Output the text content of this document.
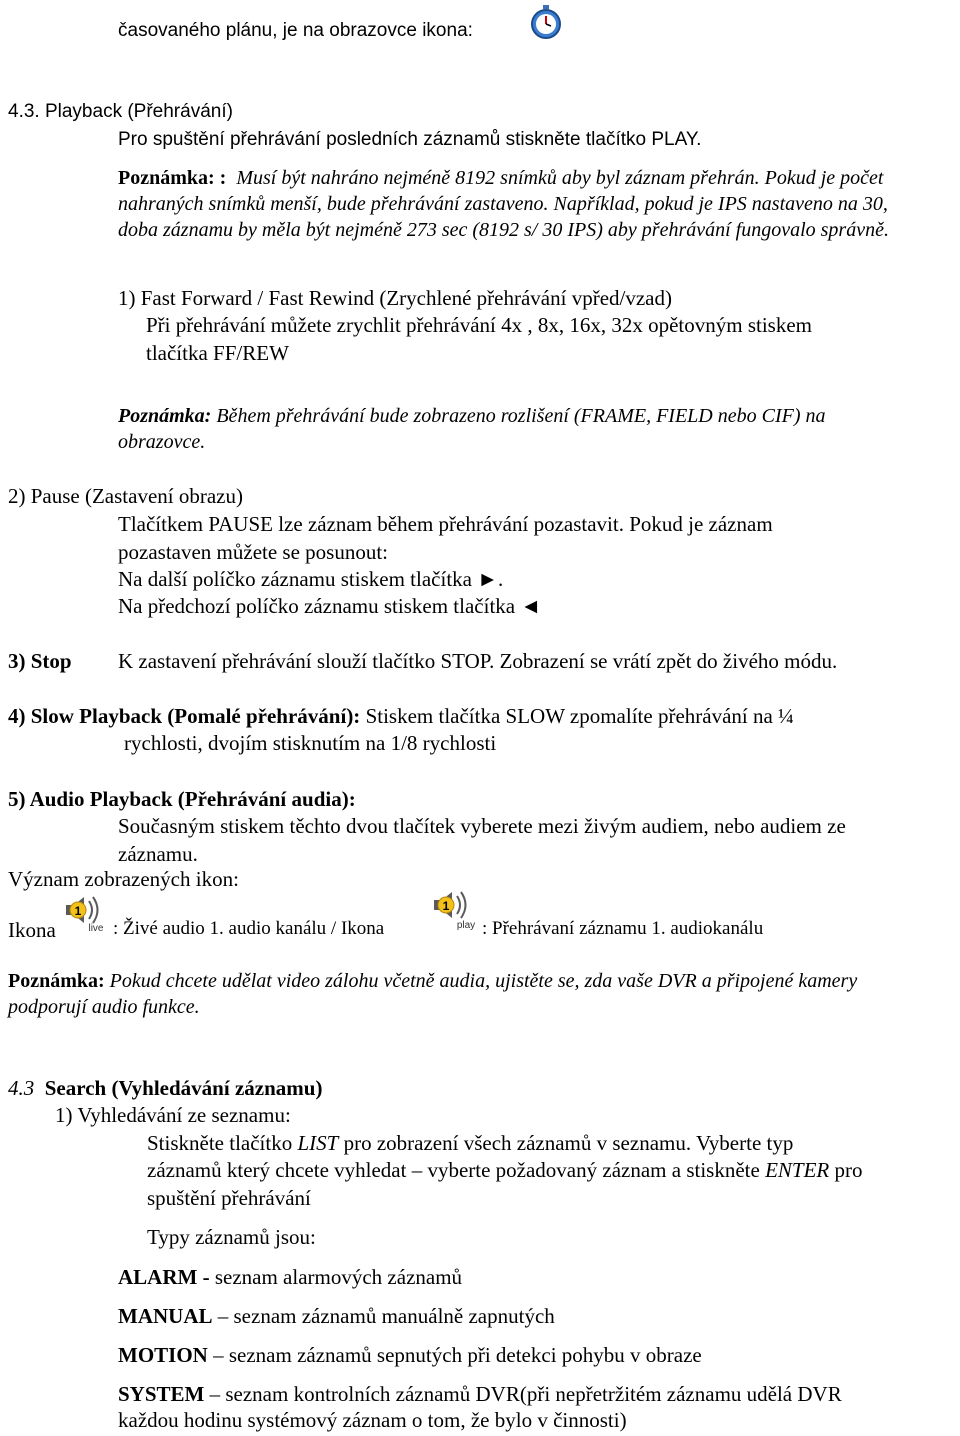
časovaného plánu, je na obrazovce ikona:
4.3. Playback (Přehrávání)
Pro spuštění přehrávání posledních záznamů stiskněte tlačítko PLAY.
Poznámka: : Musí být nahráno nejméně 8192 snímků aby byl záznam přehrán. Pokud je počet
nahraných snímků menší, bude přehrávání zastaveno. Například, pokud je IPS nastaveno na 30,
doba záznamu by měla být nejméně 273 sec (8192 s/ 30 IPS) aby přehrávání fungovalo správně.
1) Fast Forward / Fast Rewind (Zrychlené přehrávání vpřed/vzad)
Při přehrávání můžete zrychlit přehrávání 4x , 8x, 16x, 32x opětovným stiskem
tlačítka FF/REW
Poznámka: Během přehrávání bude zobrazeno rozlišení (FRAME, FIELD nebo CIF) na
obrazovce.
2) Pause (Zastavení obrazu)
Tlačítkem PAUSE lze záznam během přehrávání pozastavit. Pokud je záznam
pozastaven můžete se posunout:
Na další políčko záznamu stiskem tlačítka ►.
Na předchozí políčko záznamu stiskem tlačítka ◄
3) Stop K zastavení přehrávání slouží tlačítko STOP. Zobrazení se vrátí zpět do živého módu.
4) Slow Playback (Pomalé přehrávání): Stiskem tlačítka SLOW zpomalíte přehrávání na ¼
rychlosti, dvojím stisknutím na 1/8 rychlosti
5) Audio Playback (Přehrávání audia):
Současným stiskem těchto dvou tlačítek vyberete mezi živým audiem, nebo audiem ze
záznamu.
Význam zobrazených ikon:
Ikona
1
live : Živé audio 1. audio kanálu / Ikona
1
play : Přehrávaní záznamu 1. audiokanálu
Poznámka: Pokud chcete udělat video zálohu včetně audia, ujistěte se, zda vaše DVR a připojené kamery
podporují audio funkce.
4.3 Search (Vyhledávání záznamu)
1) Vyhledávání ze seznamu:
Stiskněte tlačítko LIST pro zobrazení všech záznamů v seznamu. Vyberte typ
záznamů který chcete vyhledat – vyberte požadovaný záznam a stiskněte ENTER pro
spuštění přehrávání
Typy záznamů jsou:
ALARM - seznam alarmových záznamů
MANUAL – seznam záznamů manuálně zapnutých
MOTION – seznam záznamů sepnutých při detekci pohybu v obraze
SYSTEM – seznam kontrolních záznamů DVR(při nepřetržitém záznamu udělá DVR
každou hodinu systémový záznam o tom, že bylo v činnosti)
